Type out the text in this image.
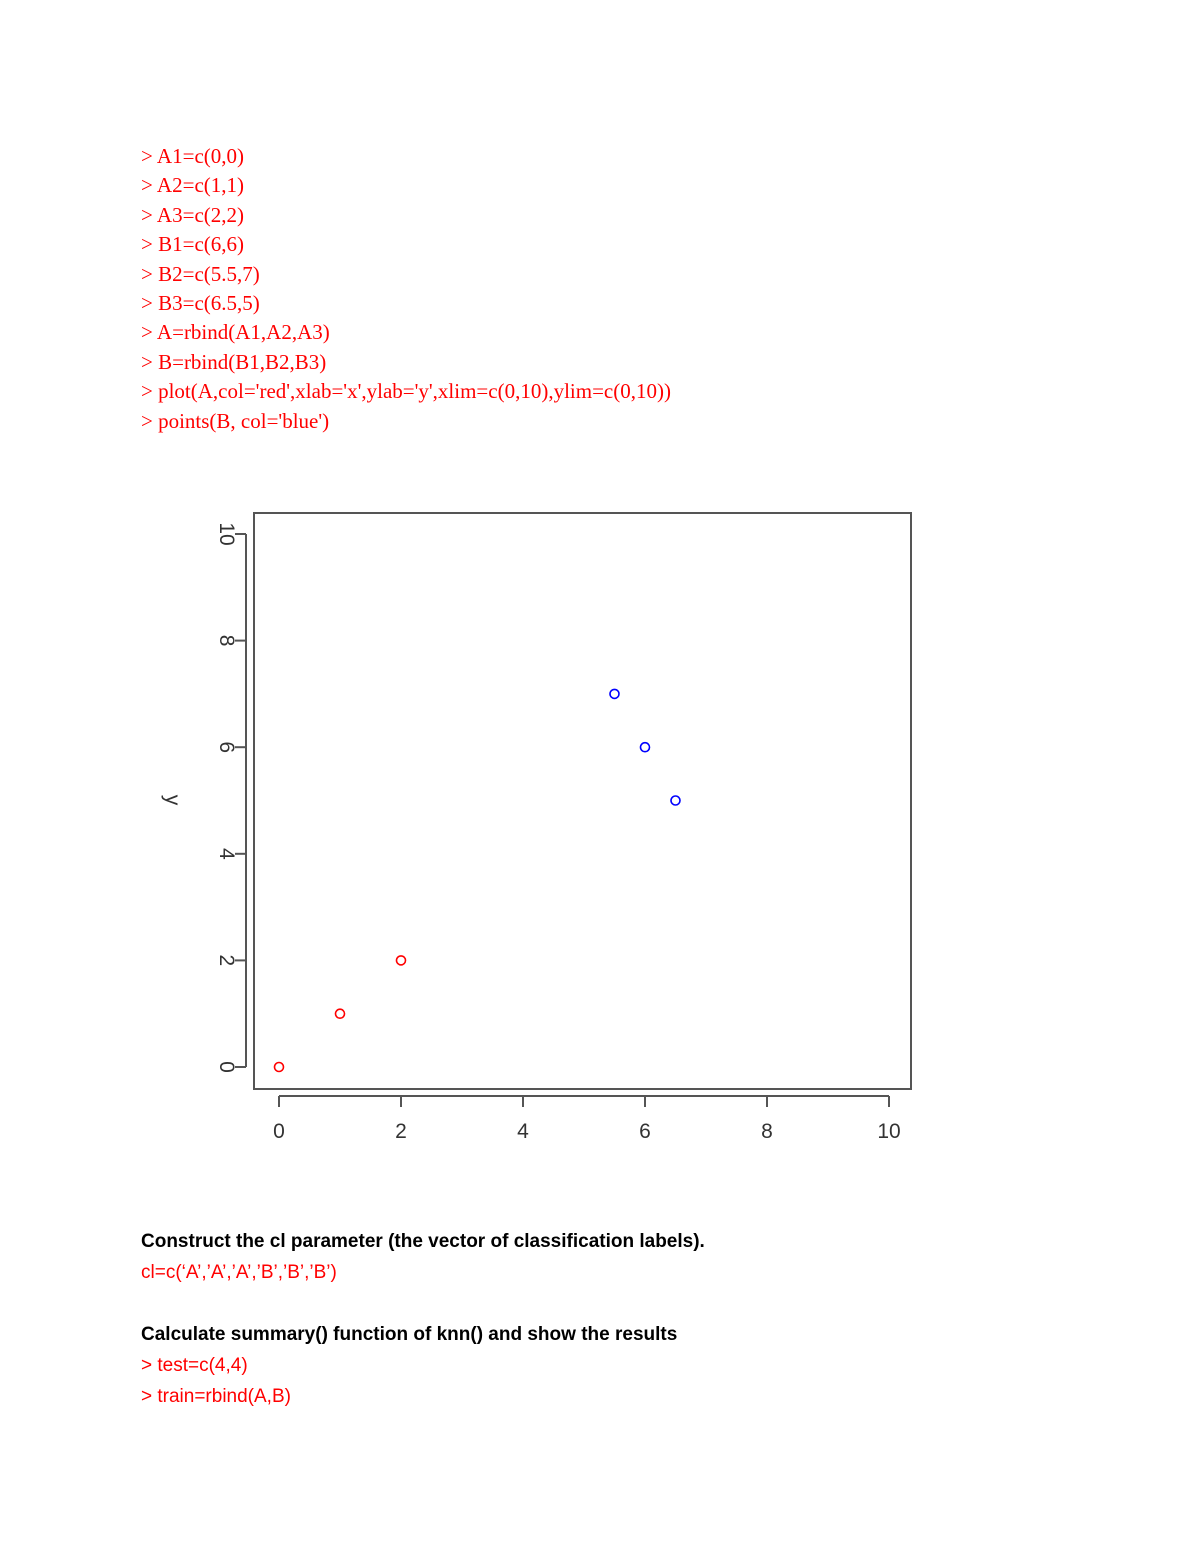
> A1=c(0,0)
> A2=c(1,1)
> A3=c(2,2)
> B1=c(6,6)
> B2=c(5.5,7)
> B3=c(6.5,5)
> A=rbind(A1,A2,A3)
> B=rbind(B1,B2,B3)
> plot(A,col='red',xlab='x',ylab='y',xlim=c(0,10),ylim=c(0,10))
> points(B, col='blue')
0	2	4	6	8	10
0
2
4
6
8
10
y

Construct the cl parameter (the vector of classification labels).

cl=c(‘A’,’A’,’A’,’B’,’B’,’B’)

Calculate summary() function of knn() and show the results

> test=c(4,4)

> train=rbind(A,B)
